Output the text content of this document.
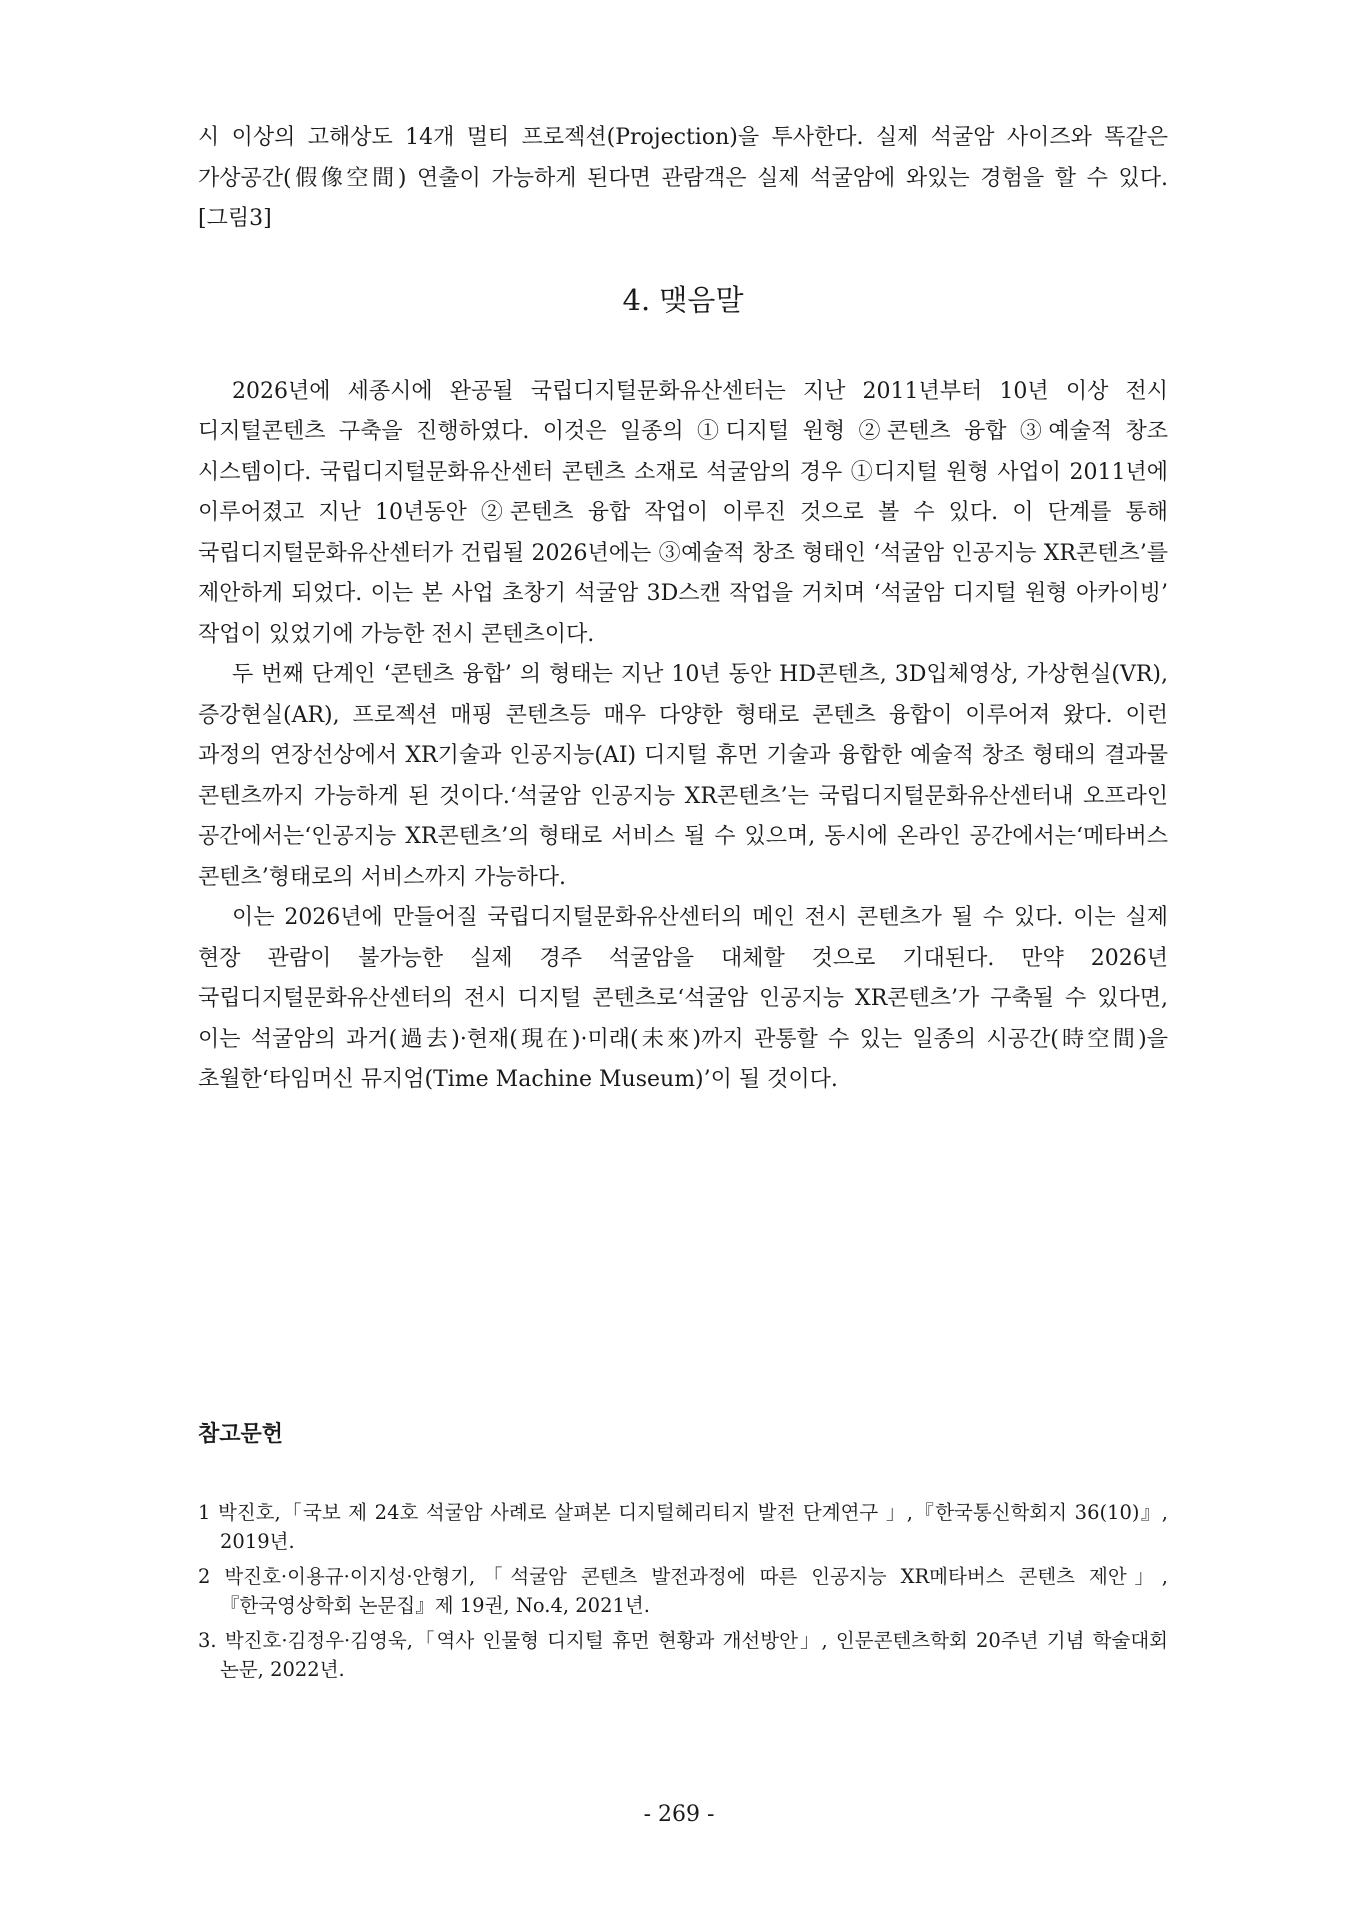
시 이상의 고해상도 14개 멀티 프로젝션(Projection)을 투사한다. 실제 석굴암 사이즈와 똑같은 가상공간(假像空間) 연출이 가능하게 된다면 관람객은 실제 석굴암에 와있는 경험을 할 수 있다. [그림3]

4. 맺음말

2026년에 세종시에 완공될 국립디지털문화유산센터는 지난 2011년부터 10년 이상 전시 디지털콘텐츠 구축을 진행하였다. 이것은 일종의 ①디지털 원형 ②콘텐츠 융합 ③예술적 창조 시스템이다. 국립디지털문화유산센터 콘텐츠 소재로 석굴암의 경우 ①디지털 원형 사업이 2011년에 이루어졌고 지난 10년동안 ②콘텐츠 융합 작업이 이루진 것으로 볼 수 있다. 이 단계를 통해 국립디지털문화유산센터가 건립될 2026년에는 ③예술적 창조 형태인 ‘석굴암 인공지능 XR콘텐츠’를 제안하게 되었다. 이는 본 사업 초창기 석굴암 3D스캔 작업을 거치며 ‘석굴암 디지털 원형 아카이빙’ 작업이 있었기에 가능한 전시 콘텐츠이다.

두 번째 단계인 ‘콘텐츠 융합’ 의 형태는 지난 10년 동안 HD콘텐츠, 3D입체영상, 가상현실(VR), 증강현실(AR), 프로젝션 매핑 콘텐츠등 매우 다양한 형태로 콘텐츠 융합이 이루어져 왔다. 이런 과정의 연장선상에서 XR기술과 인공지능(AI) 디지털 휴먼 기술과 융합한 예술적 창조 형태의 결과물 콘텐츠까지 가능하게 된 것이다.‘석굴암 인공지능 XR콘텐츠’는 국립디지털문화유산센터내 오프라인 공간에서는‘인공지능 XR콘텐츠’의 형태로 서비스 될 수 있으며, 동시에 온라인 공간에서는‘메타버스 콘텐츠’형태로의 서비스까지 가능하다.

이는 2026년에 만들어질 국립디지털문화유산센터의 메인 전시 콘텐츠가 될 수 있다. 이는 실제 현장 관람이 불가능한 실제 경주 석굴암을 대체할 것으로 기대된다. 만약 2026년 국립디지털문화유산센터의 전시 디지털 콘텐츠로‘석굴암 인공지능 XR콘텐츠’가 구축될 수 있다면, 이는 석굴암의 과거(過去)·현재(現在)·미래(未來)까지 관통할 수 있는 일종의 시공간(時空間)을 초월한‘타임머신 뮤지엄(Time Machine Museum)’이 될 것이다.

참고문헌

1 박진호,「국보 제 24호 석굴암 사례로 살펴본 디지털헤리티지 발전 단계연구 」,『한국통신학회지 36(10)』, 2019년.

2 박진호·이용규·이지성·안형기,「석굴암 콘텐츠 발전과정에 따른 인공지능 XR메타버스 콘텐츠 제안」,『한국영상학회 논문집』제 19권, No.4, 2021년.

3. 박진호·김정우·김영욱,「역사 인물형 디지털 휴먼 현황과 개선방안」, 인문콘텐츠학회 20주년 기념 학술대회 논문, 2022년.

- 269 -
